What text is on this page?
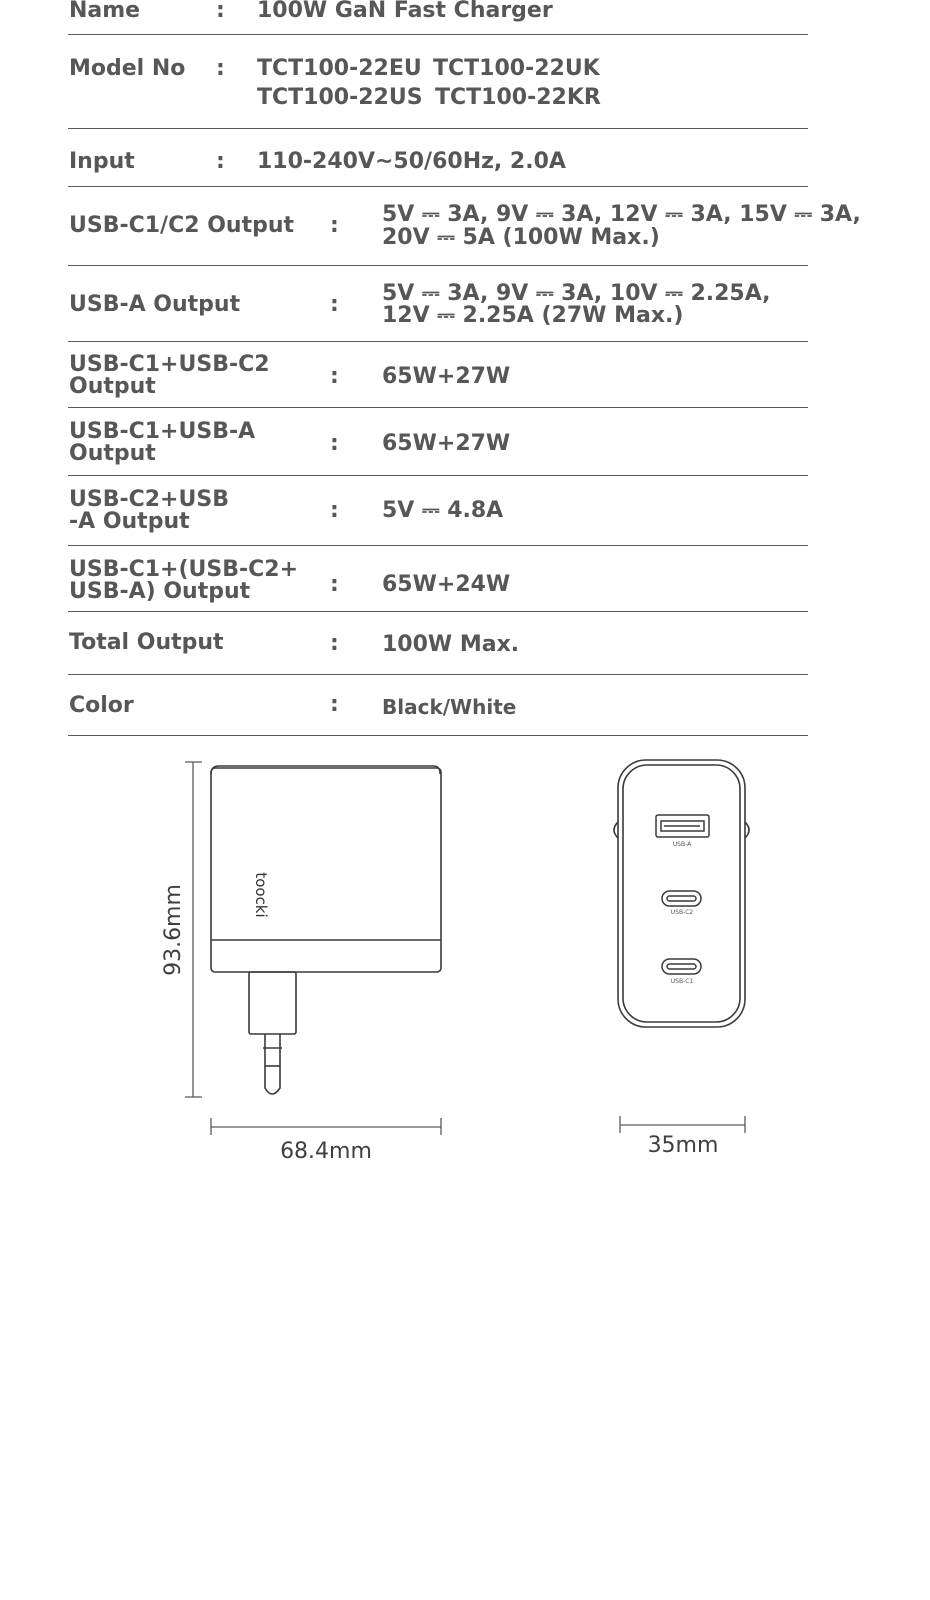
Name	: 100W GaN Fast Charger
Model No : TCT100-22EU TCT100-22UK
TCT100-22US TCT100-22KR
Input	: 110-240V~50/60Hz, 2.0A
USB-C1/C2 Output : 5V ⎓ 3A, 9V ⎓ 3A, 12V ⎓ 3A, 15V ⎓ 3A,
20V ⎓ 5A (100W Max.)
USB-A Output	: 5V ⎓ 3A, 9V ⎓ 3A, 10V ⎓ 2.25A,
12V ⎓ 2.25A (27W Max.)
USB-C1+USB-C2
Output	: 65W+27W
USB-C1+USB-A
Output	: 65W+27W
USB-C2+USB
-A Output	: 5V ⎓ 4.8A
USB-C1+(USB-C2+
USB-A) Output	: 65W+24W
Total Output	: 100W Max.
Color	: Black/White
93.6mm	toocki
68.4mm
USB-A
USB-C2
USB-C1
35mm
